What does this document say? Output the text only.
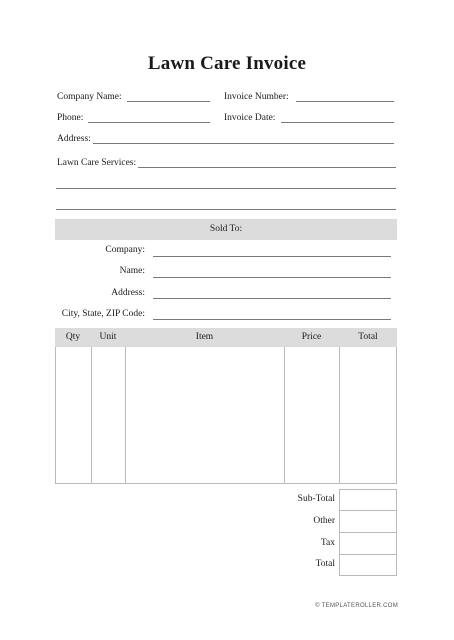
Lawn Care Invoice
Company Name:	Invoice Number:
Phone:	Invoice Date:
Address:
Lawn Care Services:
Sold To:
Company:
Name:
Address:
City, State, ZIP Code:
Qty	Unit	Item	Price	Total
Sub-Total
Other
Tax
Total
© TEMPLATEROLLER.COM
